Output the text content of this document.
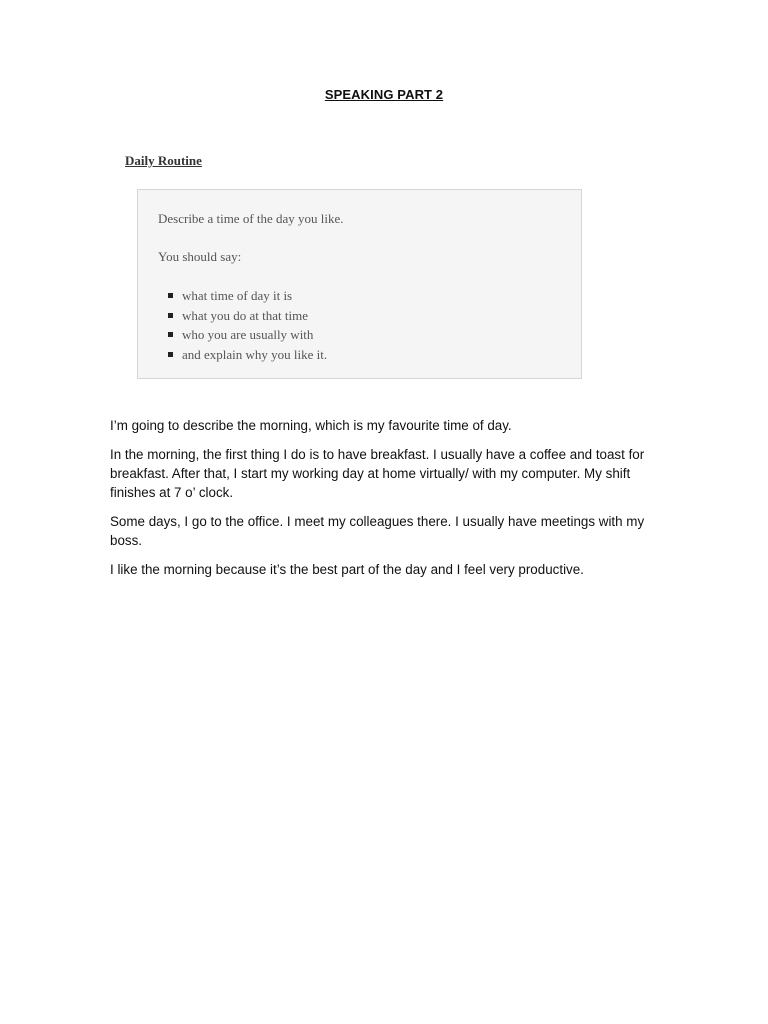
SPEAKING PART 2
Daily Routine
Describe a time of the day you like.
You should say:
what time of day it is
what you do at that time
who you are usually with
and explain why you like it.

I’m going to describe the morning, which is my favourite time of day.

In the morning, the first thing I do is to have breakfast. I usually have a coffee and toast for breakfast. After that, I start my working day at home virtually/ with my computer. My shift finishes at 7 o’ clock.

Some days, I go to the office. I meet my colleagues there. I usually have meetings with my boss.

I like the morning because it’s the best part of the day and I feel very productive.
